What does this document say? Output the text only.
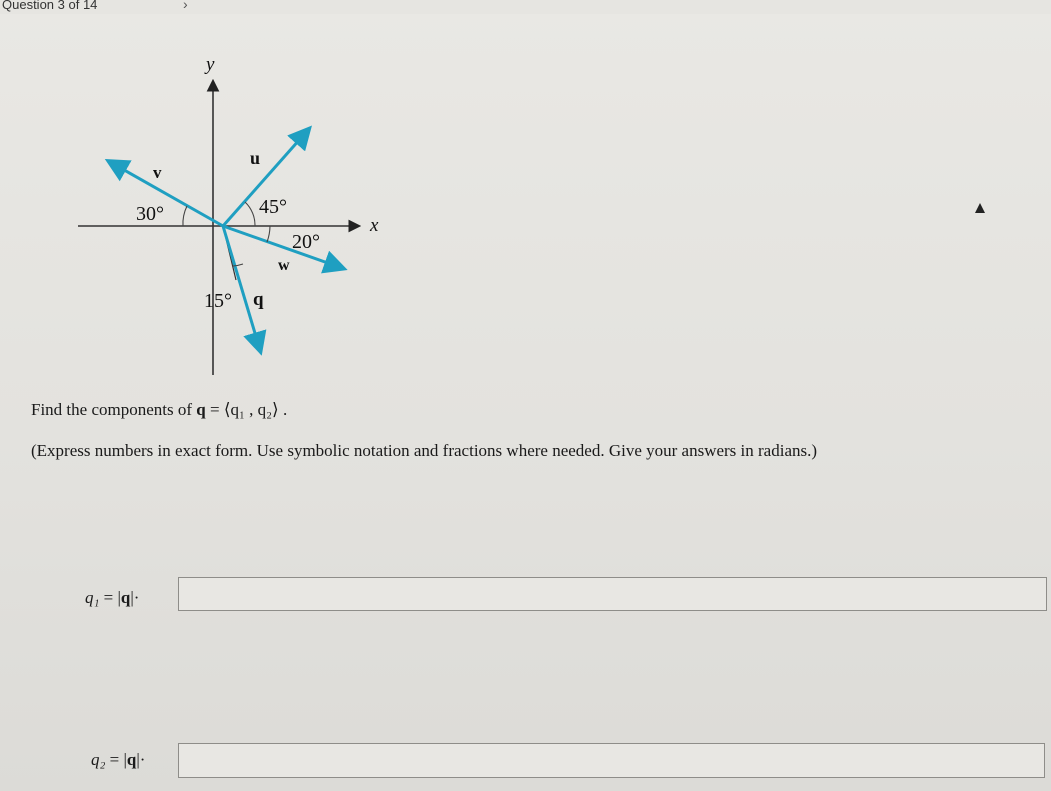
Question 3 of 14	›
y
x
u
v
w
q
45°
30°
20°
15°
Find the components of q = ⟨q₁ , q₂⟩ .
(Express numbers in exact form. Use symbolic notation and fractions where needed. Give your answers in radians.)
q₁ = |q|·
q₂ = |q|·
